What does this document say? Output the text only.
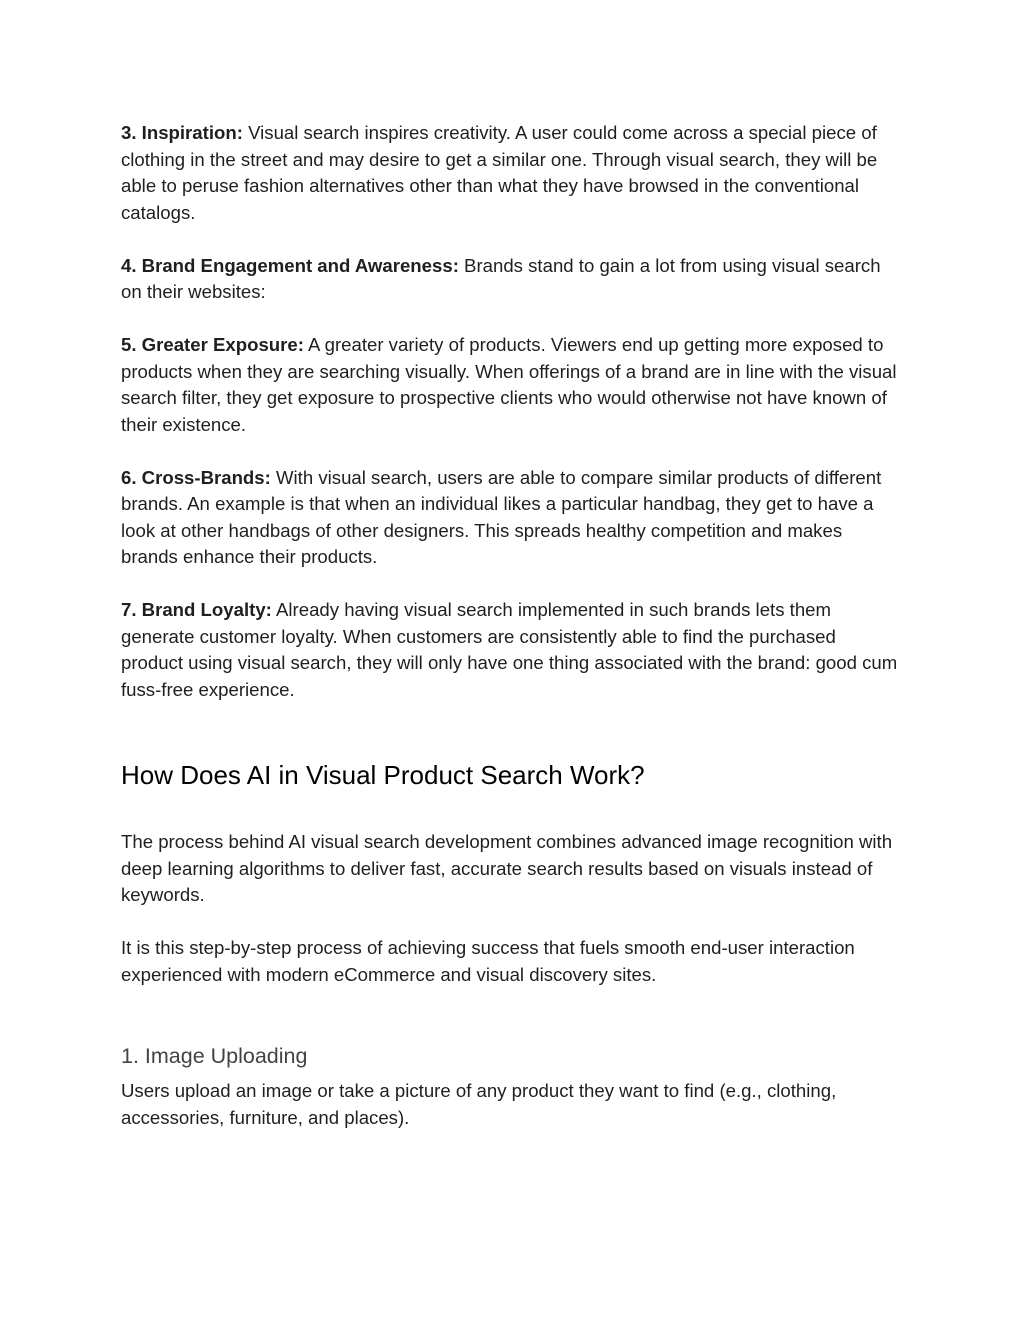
3. Inspiration: Visual search inspires creativity. A user could come across a special piece of clothing in the street and may desire to get a similar one. Through visual search, they will be able to peruse fashion alternatives other than what they have browsed in the conventional catalogs.

4. Brand Engagement and Awareness: Brands stand to gain a lot from using visual search on their websites:

5. Greater Exposure: A greater variety of products. Viewers end up getting more exposed to products when they are searching visually. When offerings of a brand are in line with the visual search filter, they get exposure to prospective clients who would otherwise not have known of their existence.

6. Cross-Brands: With visual search, users are able to compare similar products of different brands. An example is that when an individual likes a particular handbag, they get to have a look at other handbags of other designers. This spreads healthy competition and makes brands enhance their products.

7. Brand Loyalty: Already having visual search implemented in such brands lets them generate customer loyalty. When customers are consistently able to find the purchased product using visual search, they will only have one thing associated with the brand: good cum fuss-free experience.

How Does AI in Visual Product Search Work?

The process behind AI visual search development combines advanced image recognition with deep learning algorithms to deliver fast, accurate search results based on visuals instead of keywords.

It is this step-by-step process of achieving success that fuels smooth end-user interaction experienced with modern eCommerce and visual discovery sites.

1. Image Uploading

Users upload an image or take a picture of any product they want to find (e.g., clothing, accessories, furniture, and places).
